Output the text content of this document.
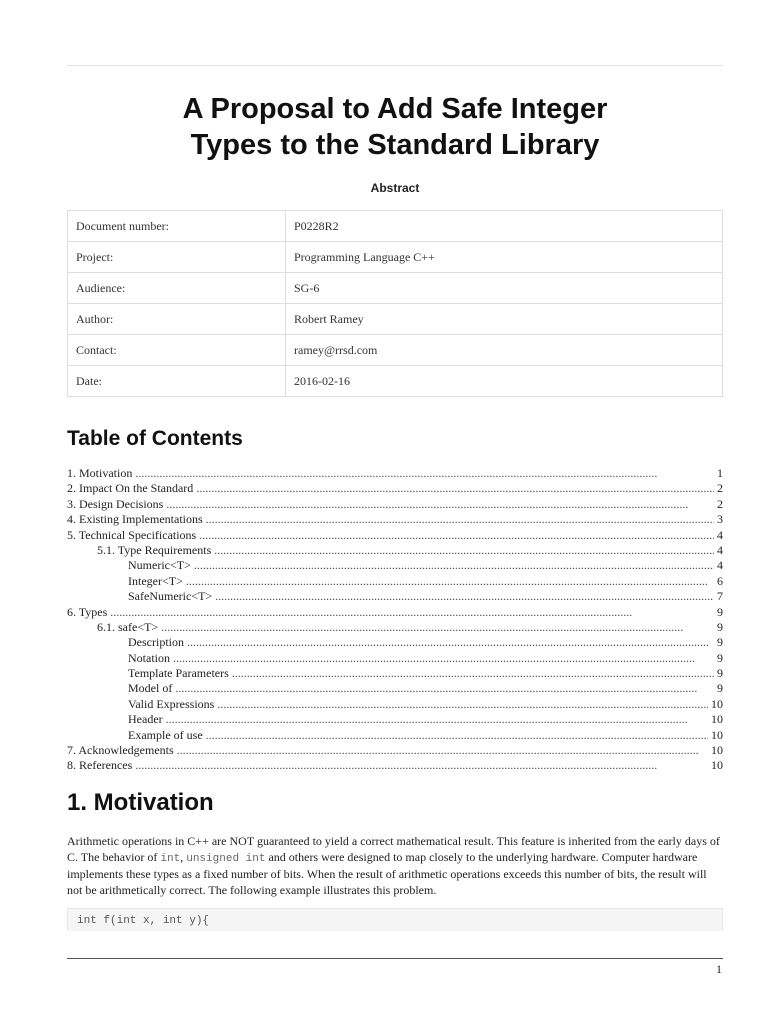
A Proposal to Add Safe Integer
Types to the Standard Library
Abstract
Document number:	P0228R2
Project:	Programming Language C++
Audience:	SG-6
Author:	Robert Ramey
Contact:	ramey@rrsd.com
Date:	2016-02-16
Table of Contents
1. Motivation . . .	1
2. Impact On the Standard . . .	2
3. Design Decisions . . .	2
4. Existing Implementations . . .	3
5. Technical Specifications . . .	4
5.1. Type Requirements . . .	4
Numeric<T> . . .	4
Integer<T> . . .	6
SafeNumeric<T> . . .	7
6. Types . . .	9
6.1. safe<T> . . .	9
Description . . .	9
Notation . . .	9
Template Parameters . . .	9
Model of . . .	9
Valid Expressions . . .	10
Header . . .	10
Example of use . . .	10
7. Acknowledgements . . .	10
8. References . . .	10
1. Motivation

Arithmetic operations in C++ are NOT guaranteed to yield a correct mathematical result. This feature is inherited from the early days of C. The behavior of int, unsigned int and others were designed to map closely to the underlying hardware. Computer hardware implements these types as a fixed number of bits. When the result of arithmetic operations exceeds this number of bits, the result will not be arithmetically correct. The following example illustrates this problem.

int f(int x, int y){
1
